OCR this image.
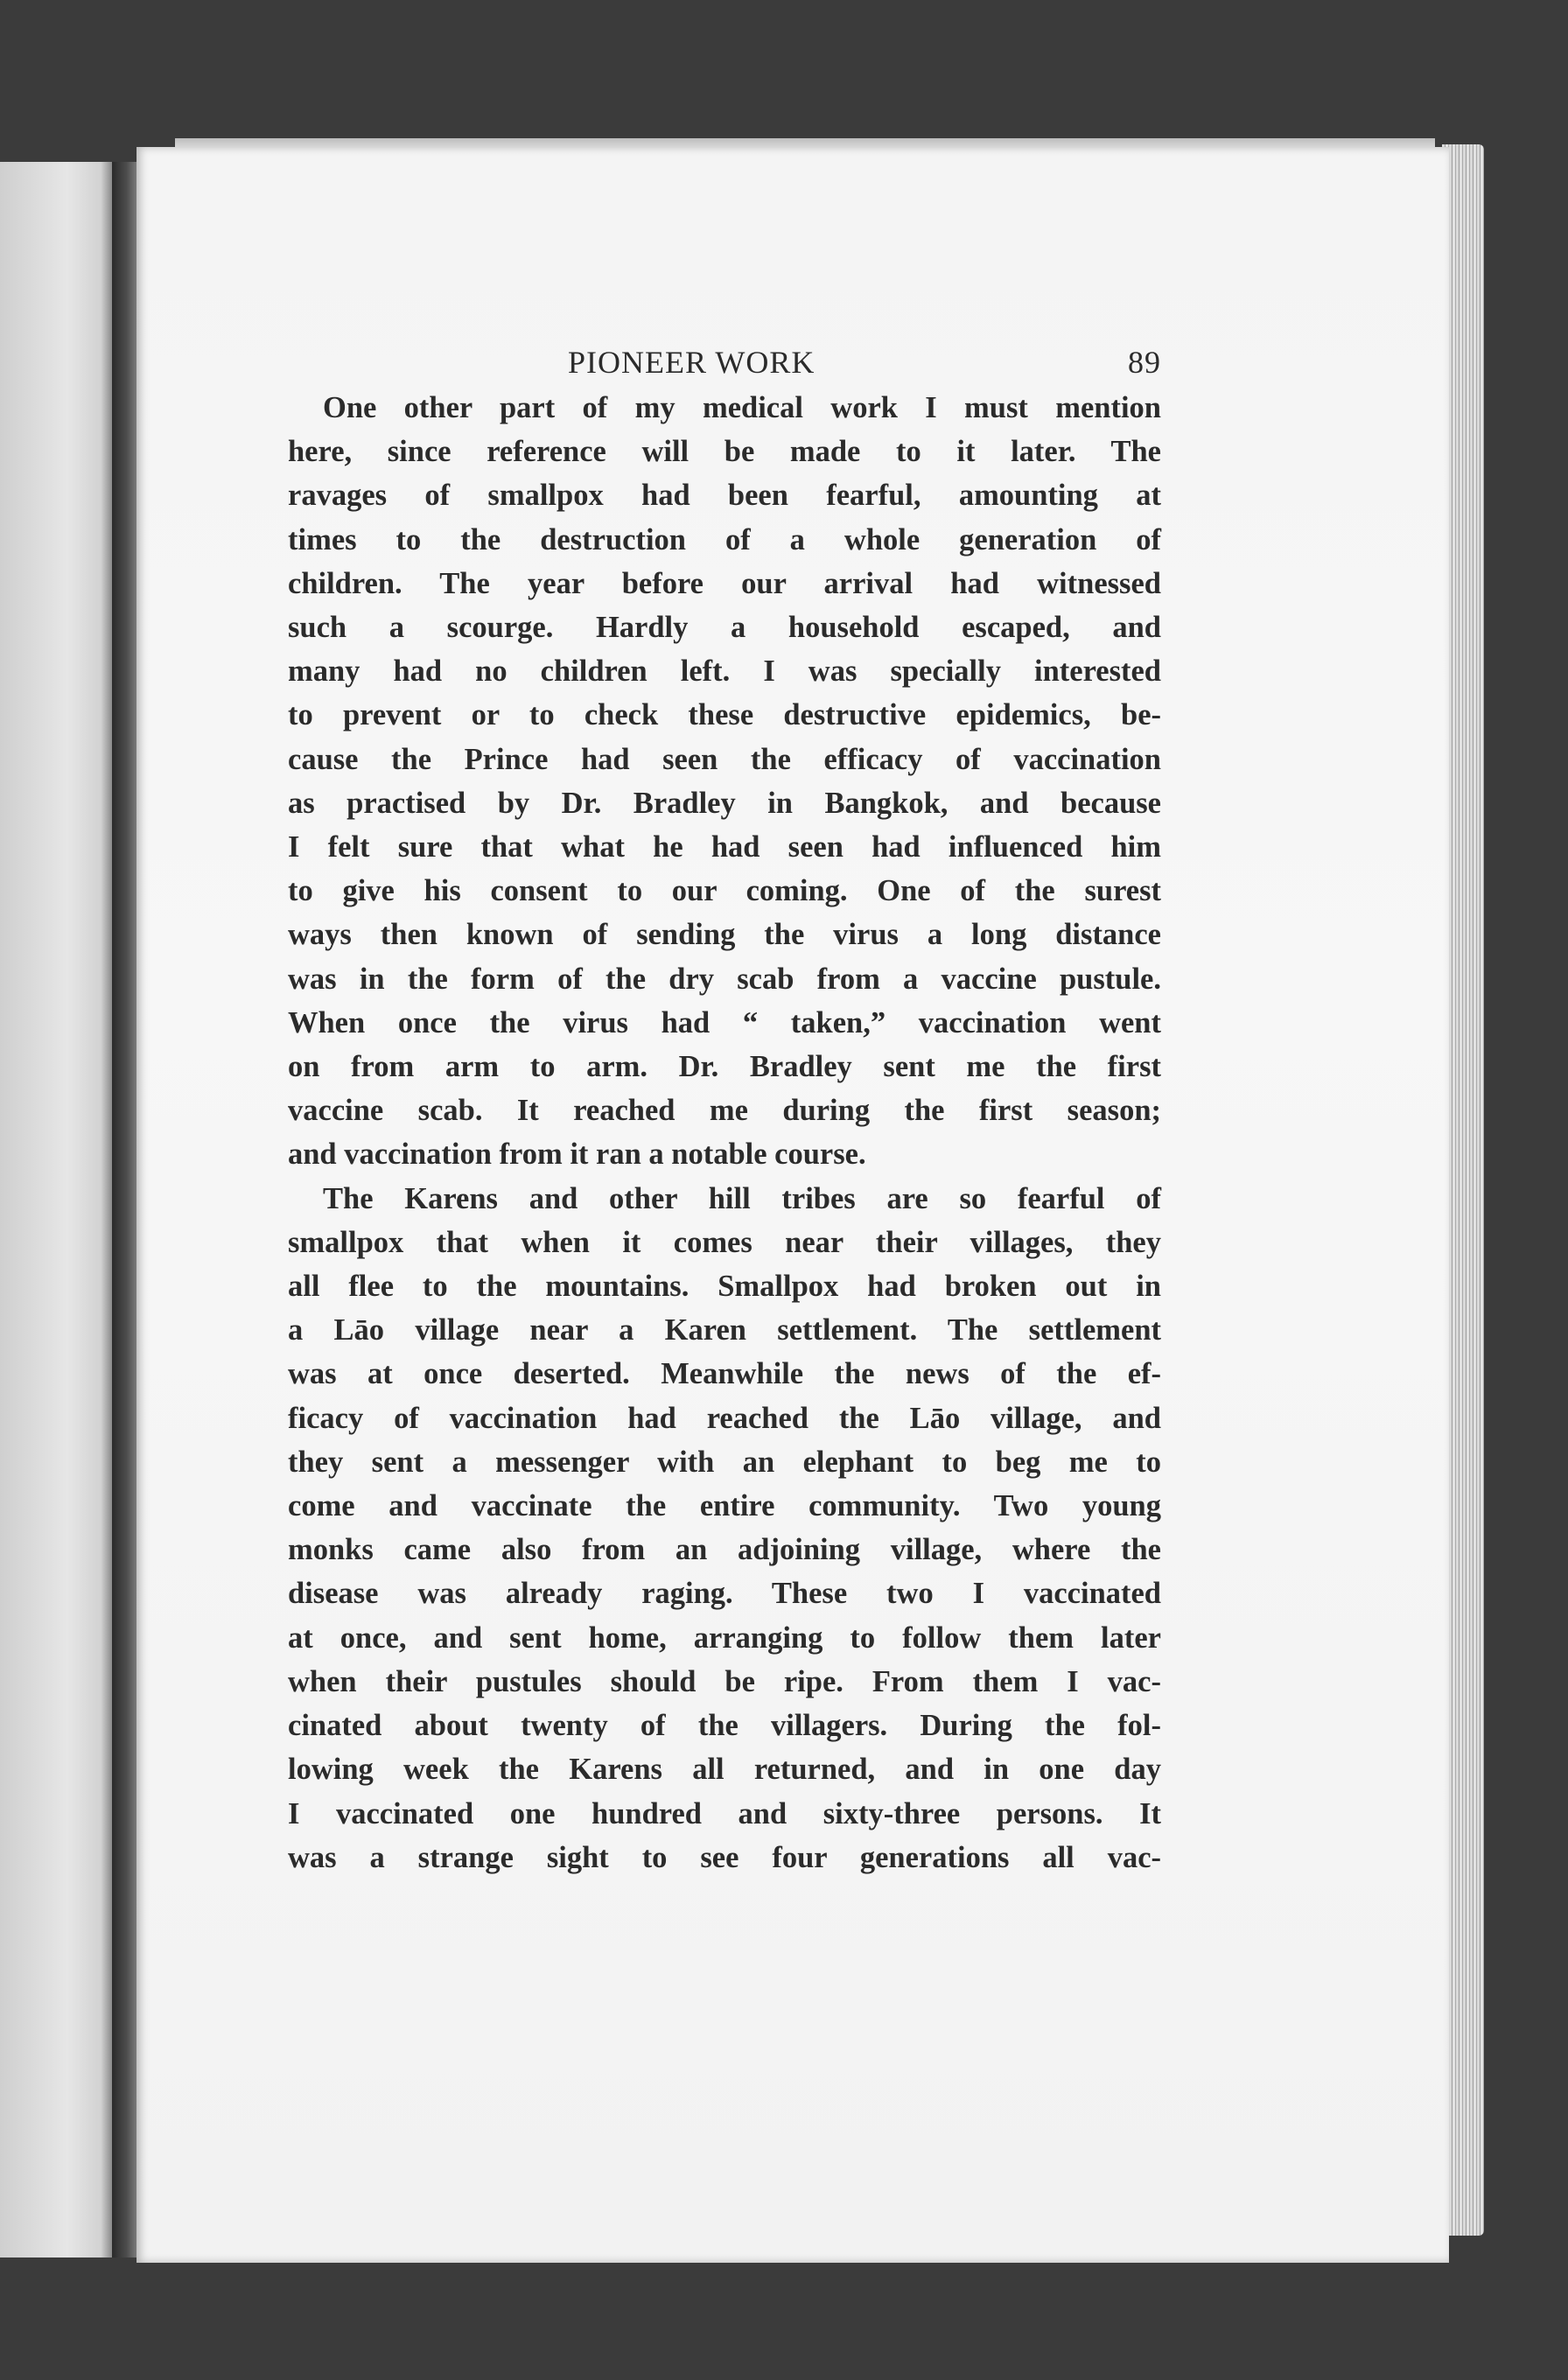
PIONEER WORK	89

One other part of my medical work I must mention
here, since reference will be made to it later. The
ravages of smallpox had been fearful, amounting at
times to the destruction of a whole generation of
children. The year before our arrival had witnessed
such a scourge. Hardly a household escaped, and
many had no children left. I was specially interested
to prevent or to check these destructive epidemics, be-
cause the Prince had seen the efficacy of vaccination
as practised by Dr. Bradley in Bangkok, and because
I felt sure that what he had seen had influenced him
to give his consent to our coming. One of the surest
ways then known of sending the virus a long distance
was in the form of the dry scab from a vaccine pustule.
When once the virus had “ taken,” vaccination went
on from arm to arm. Dr. Bradley sent me the first
vaccine scab. It reached me during the first season;
and vaccination from it ran a notable course.

The Karens and other hill tribes are so fearful of
smallpox that when it comes near their villages, they
all flee to the mountains. Smallpox had broken out in
a Lāo village near a Karen settlement. The settlement
was at once deserted. Meanwhile the news of the ef-
ficacy of vaccination had reached the Lāo village, and
they sent a messenger with an elephant to beg me to
come and vaccinate the entire community. Two young
monks came also from an adjoining village, where the
disease was already raging. These two I vaccinated
at once, and sent home, arranging to follow them later
when their pustules should be ripe. From them I vac-
cinated about twenty of the villagers. During the fol-
lowing week the Karens all returned, and in one day
I vaccinated one hundred and sixty-three persons. It
was a strange sight to see four generations all vac-
